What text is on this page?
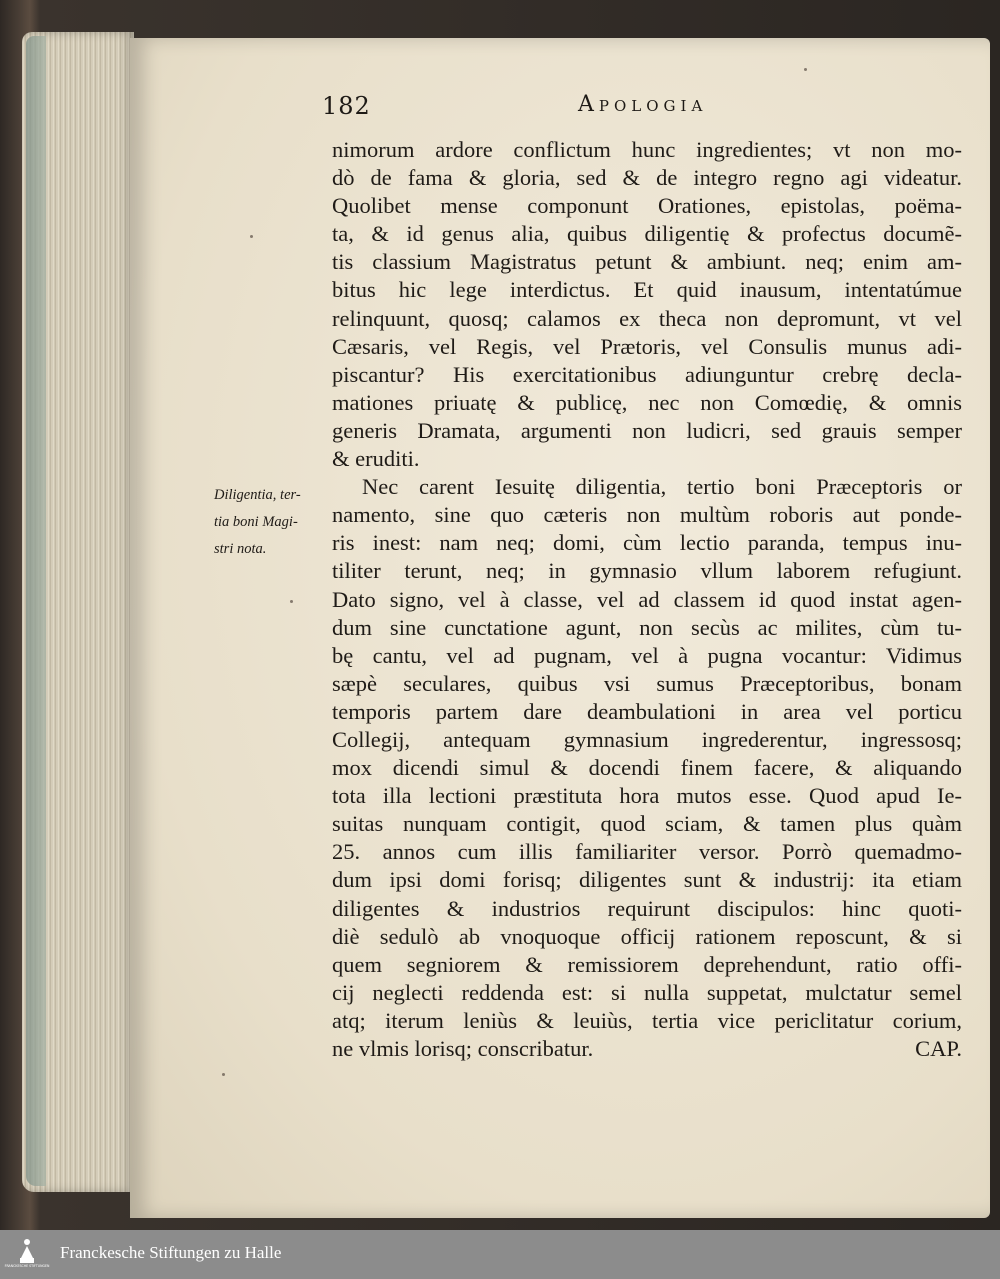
182	Apologia
Diligentia, ter-
tia boni Magi-
stri nota.
nimorum ardore conflictum hunc ingredientes; vt non mo-
dò de fama & gloria, sed & de integro regno agi videatur.
Quolibet mense componunt Orationes, epistolas, poëma-
ta, & id genus alia, quibus diligentię & profectus documẽ-
tis classium Magistratus petunt & ambiunt. neq; enim am-
bitus hic lege interdictus. Et quid inausum, intentatúmue
relinquunt, quosq; calamos ex theca non depromunt, vt vel
Cæsaris, vel Regis, vel Prætoris, vel Consulis munus adi-
piscantur? His exercitationibus adiunguntur crebrę decla-
mationes priuatę & publicę, nec non Comœdię, & omnis
generis Dramata, argumenti non ludicri, sed grauis semper
& eruditi.
Nec carent Iesuitę diligentia, tertio boni Præceptoris or
namento, sine quo cæteris non multùm roboris aut ponde-
ris inest: nam neq; domi, cùm lectio paranda, tempus inu-
tiliter terunt, neq; in gymnasio vllum laborem refugiunt.
Dato signo, vel à classe, vel ad classem id quod instat agen-
dum sine cunctatione agunt, non secùs ac milites, cùm tu-
bę cantu, vel ad pugnam, vel à pugna vocantur: Vidimus
sæpè seculares, quibus vsi sumus Præceptoribus, bonam
temporis partem dare deambulationi in area vel porticu
Collegij, antequam gymnasium ingrederentur, ingressosq;
mox dicendi simul & docendi finem facere, & aliquando
tota illa lectioni præstituta hora mutos esse. Quod apud Ie-
suitas nunquam contigit, quod sciam, & tamen plus quàm
25. annos cum illis familiariter versor. Porrò quemadmo-
dum ipsi domi forisq; diligentes sunt & industrij: ita etiam
diligentes & industrios requirunt discipulos: hinc quoti-
diè sedulò ab vnoquoque officij rationem reposcunt, & si
quem segniorem & remissiorem deprehendunt, ratio offi-
cij neglecti reddenda est: si nulla suppetat, mulctatur semel
atq; iterum leniùs & leuiùs, tertia vice periclitatur corium,
ne vlmis lorisq; conscribatur.	CAP.
FRANCKESCHE STIFTUNGEN
Franckesche Stiftungen zu Halle
